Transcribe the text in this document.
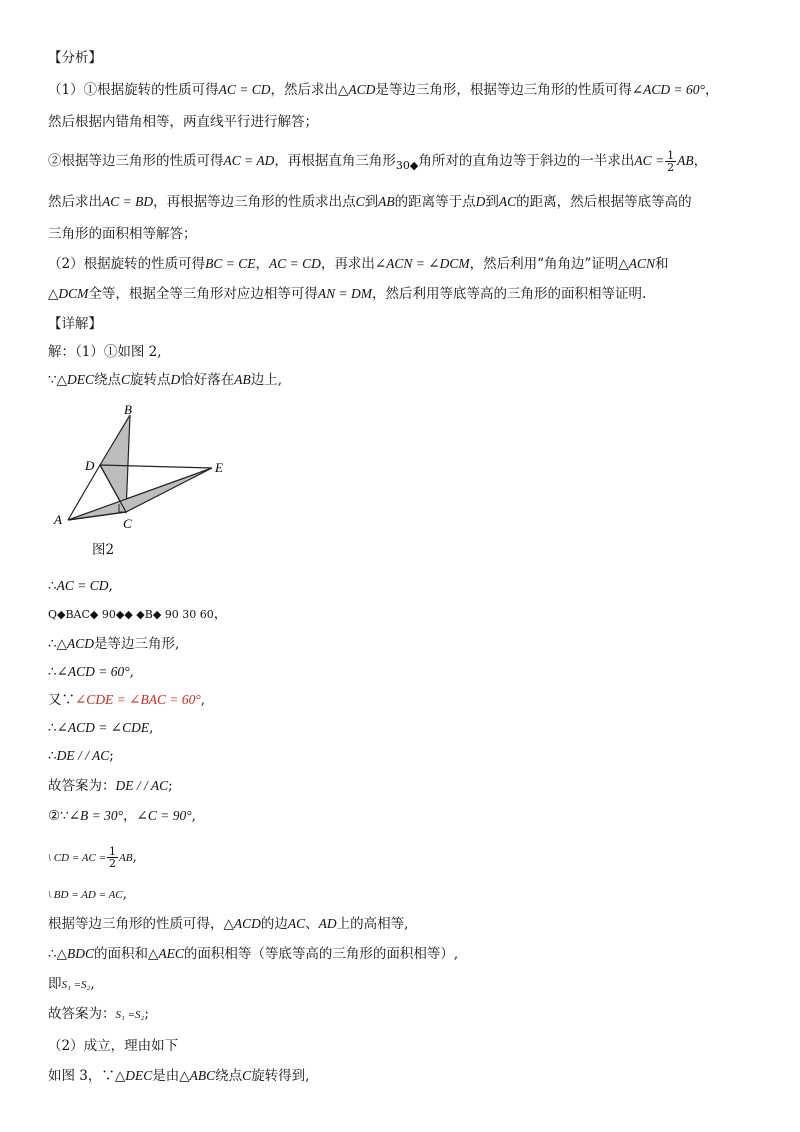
【分析】
（1）①根据旋转的性质可得AC = CD，然后求出△ACD是等边三角形，根据等边三角形的性质可得∠ACD = 60°，
然后根据内错角相等，两直线平行进行解答；
②根据等边三角形的性质可得AC = AD，再根据直角三角形$_{30◆}$角所对的直角边等于斜边的一半求出AC = $\frac{1}{2}$ AB，
然后求出AC = BD，再根据等边三角形的性质求出点C到AB的距离等于点D到AC的距离，然后根据等底等高的
三角形的面积相等解答；
（2）根据旋转的性质可得BC = CE，AC = CD，再求出∠ACN = ∠DCM，然后利用“角角边”证明△ACN和
△DCM全等，根据全等三角形对应边相等可得AN = DM，然后利用等底等高的三角形的面积相等证明.
【详解】
解：（1）①如图 2,
∵△DEC绕点C旋转点D恰好落在AB边上,
B
D	E
A	C
图2
∴AC = CD,
Q◆BAC◆ 90◆◆ ◆B◆ 90 30 60，
∴△ACD是等边三角形,
∴∠ACD = 60°,
又∵∠CDE = ∠BAC = 60°,
∴∠ACD = ∠CDE,
∴DE / / AC;
故答案为：DE / / AC;
②∵∠B = 30°，∠C = 90°,
\ CD = AC = $\frac{1}{2}$ AB,
\ BD = AD = AC,
根据等边三角形的性质可得，△ACD的边AC、AD上的高相等,
∴△BDC的面积和△AEC的面积相等（等底等高的三角形的面积相等）,
即S₁ =S₂,
故答案为：S₁ =S₂;
（2）成立，理由如下
如图 3，∵△DEC是由△ABC绕点C旋转得到,
